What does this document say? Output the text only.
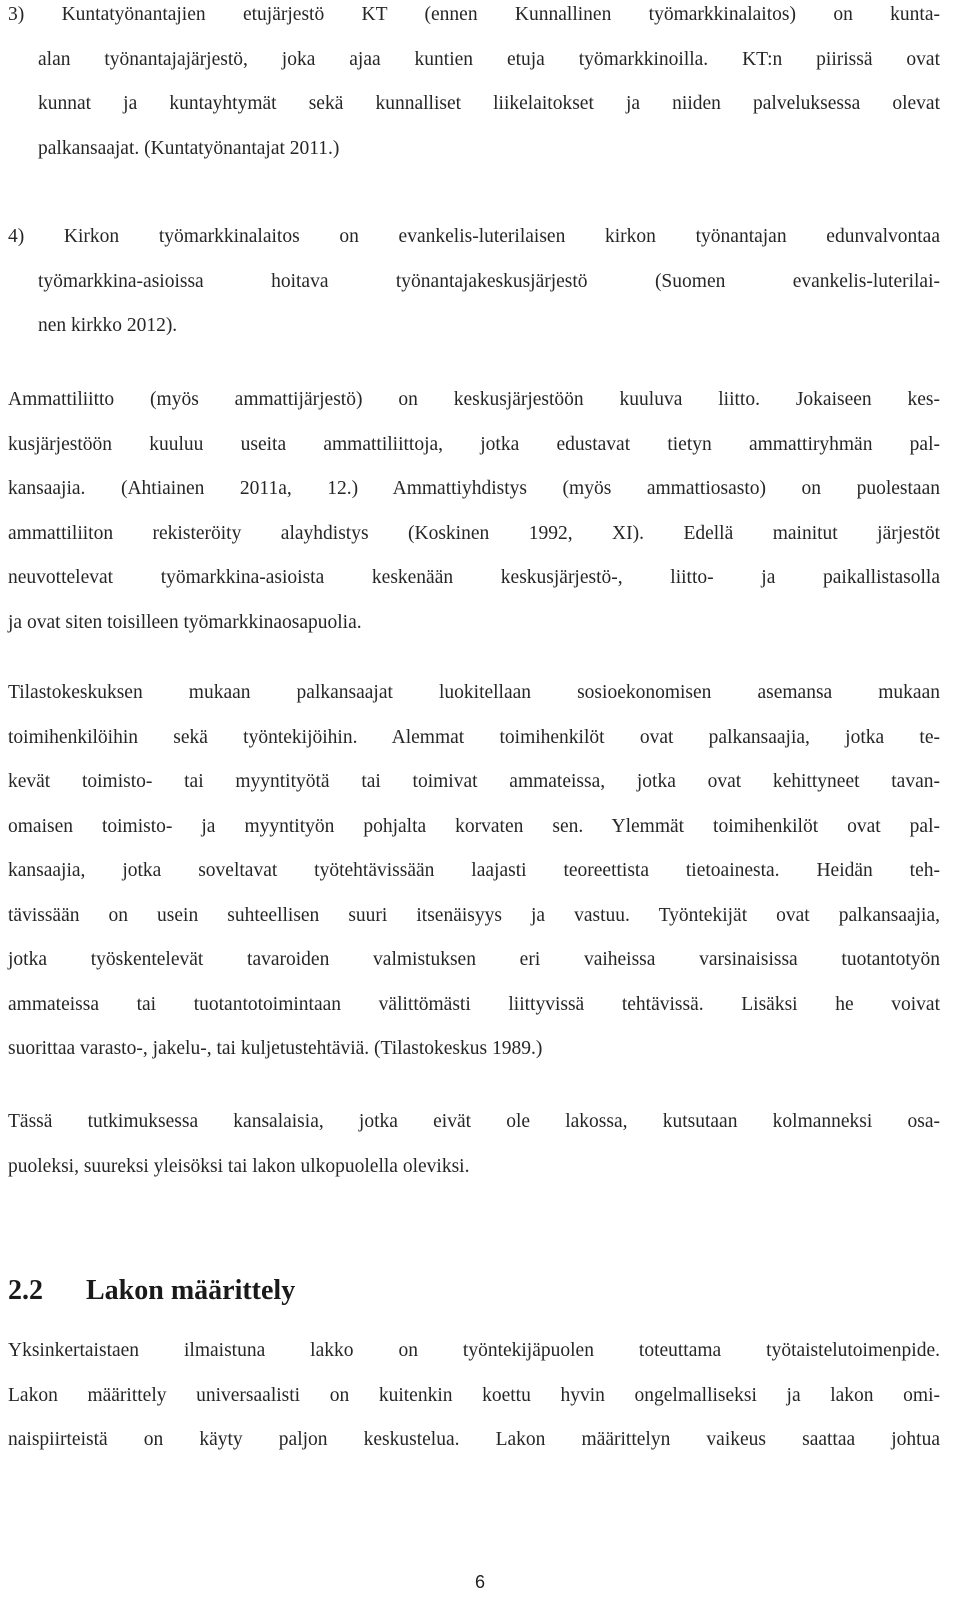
3) Kuntatyönantajien etujärjestö KT (ennen Kunnallinen työmarkkinalaitos) on kunta-
alan työnantajajärjestö, joka ajaa kuntien etuja työmarkkinoilla. KT:n piirissä ovat
kunnat ja kuntayhtymät sekä kunnalliset liikelaitokset ja niiden palveluksessa olevat
palkansaajat. (Kuntatyönantajat 2011.)

4) Kirkon työmarkkinalaitos on evankelis-luterilaisen kirkon työnantajan edunvalvontaa
työmarkkina-asioissa hoitava työnantajakeskusjärjestö (Suomen evankelis-luterilai-
nen kirkko 2012).

Ammattiliitto (myös ammattijärjestö) on keskusjärjestöön kuuluva liitto. Jokaiseen kes-
kusjärjestöön kuuluu useita ammattiliittoja, jotka edustavat tietyn ammattiryhmän pal-
kansaajia. (Ahtiainen 2011a, 12.) Ammattiyhdistys (myös ammattiosasto) on puolestaan
ammattiliiton rekisteröity alayhdistys (Koskinen 1992, XI). Edellä mainitut järjestöt
neuvottelevat työmarkkina-asioista keskenään keskusjärjestö-, liitto- ja paikallistasolla
ja ovat siten toisilleen työmarkkinaosapuolia.

Tilastokeskuksen mukaan palkansaajat luokitellaan sosioekonomisen asemansa mukaan
toimihenkilöihin sekä työntekijöihin. Alemmat toimihenkilöt ovat palkansaajia, jotka te-
kevät toimisto- tai myyntityötä tai toimivat ammateissa, jotka ovat kehittyneet tavan-
omaisen toimisto- ja myyntityön pohjalta korvaten sen. Ylemmät toimihenkilöt ovat pal-
kansaajia, jotka soveltavat työtehtävissään laajasti teoreettista tietoainesta. Heidän teh-
tävissään on usein suhteellisen suuri itsenäisyys ja vastuu. Työntekijät ovat palkansaajia,
jotka työskentelevät tavaroiden valmistuksen eri vaiheissa varsinaisissa tuotantotyön
ammateissa tai tuotantotoimintaan välittömästi liittyvissä tehtävissä. Lisäksi he voivat
suorittaa varasto-, jakelu-, tai kuljetustehtäviä. (Tilastokeskus 1989.)

Tässä tutkimuksessa kansalaisia, jotka eivät ole lakossa, kutsutaan kolmanneksi osa-
puoleksi, suureksi yleisöksi tai lakon ulkopuolella oleviksi.

2.2 Lakon määrittely

Yksinkertaistaen ilmaistuna lakko on työntekijäpuolen toteuttama työtaistelutoimenpide.
Lakon määrittely universaalisti on kuitenkin koettu hyvin ongelmalliseksi ja lakon omi-
naispiirteistä on käyty paljon keskustelua. Lakon määrittelyn vaikeus saattaa johtua

6
